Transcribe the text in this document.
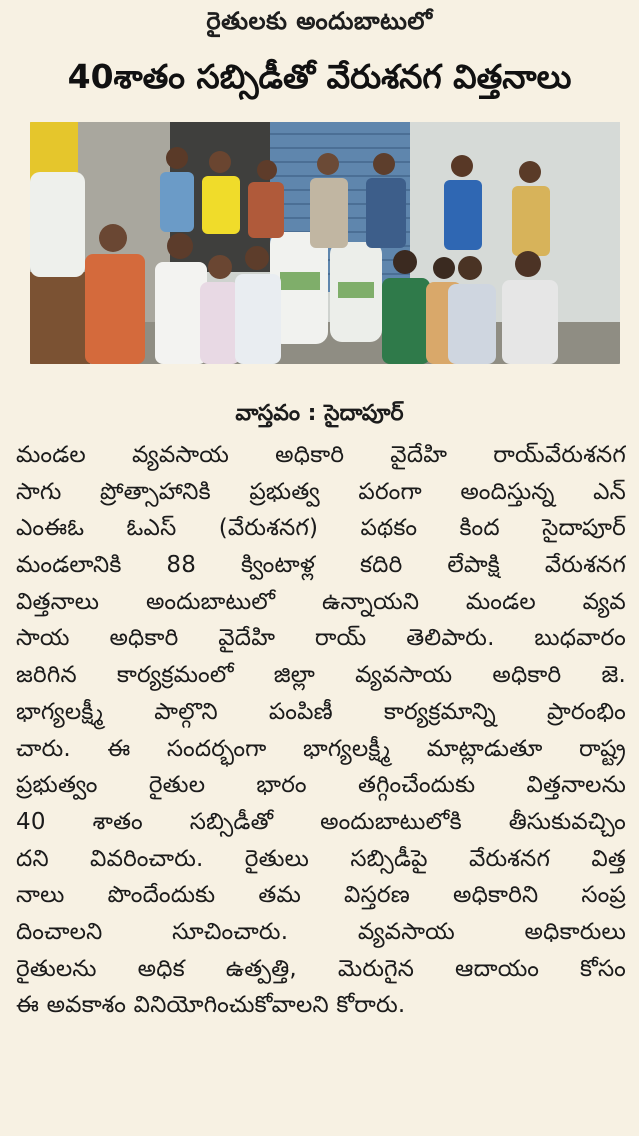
రైతులకు అందుబాటులో
40శాతం సబ్సిడీతో వేరుశనగ విత్తనాలు
వాస్తవం : సైదాపూర్
మండల వ్యవసాయ అధికారి వైదేహి రాయ్‌వేరుశనగ
సాగు ప్రోత్సాహానికి ప్రభుత్వ పరంగా అందిస్తున్న ఎన్
ఎంఈఓ ఓఎస్ (వేరుశనగ) పథకం కింద సైదాపూర్
మండలానికి 88 క్వింటాళ్ల కదిరి లేపాక్షి వేరుశనగ
విత్తనాలు అందుబాటులో ఉన్నాయని మండల వ్యవ
సాయ అధికారి వైదేహి రాయ్ తెలిపారు. బుధవారం
జరిగిన కార్యక్రమంలో జిల్లా వ్యవసాయ అధికారి జె.
భాగ్యలక్ష్మీ పాల్గొని పంపిణీ కార్యక్రమాన్ని ప్రారంభిం
చారు. ఈ సందర్భంగా భాగ్యలక్ష్మీ మాట్లాడుతూ రాష్ట్ర
ప్రభుత్వం రైతుల భారం తగ్గించేందుకు విత్తనాలను
40 శాతం సబ్సిడీతో అందుబాటులోకి తీసుకువచ్చిం
దని వివరించారు. రైతులు సబ్సిడీపై వేరుశనగ విత్త
నాలు పొందేందుకు తమ విస్తరణ అధికారిని సంప్ర
దించాలని సూచించారు. వ్యవసాయ అధికారులు
రైతులను అధిక ఉత్పత్తి, మెరుగైన ఆదాయం కోసం
ఈ అవకాశం వినియోగించుకోవాలని కోరారు.
